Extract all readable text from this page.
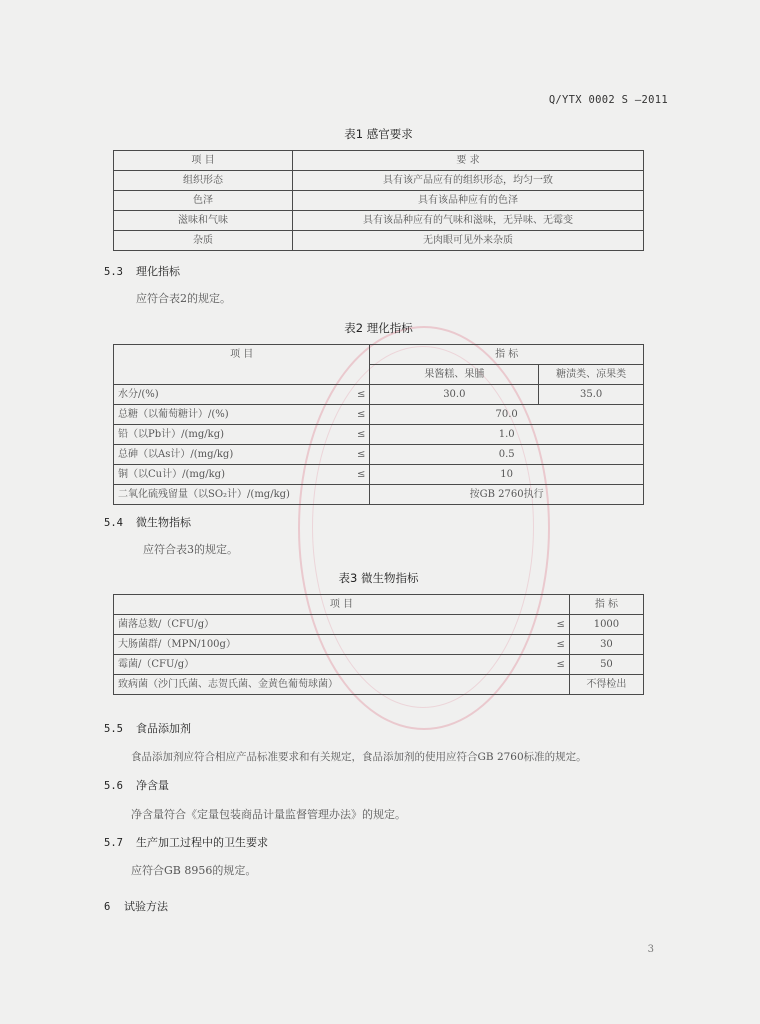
Q/YTX 0002 S —2011
表1 感官要求
项 目	要 求
组织形态	具有该产品应有的组织形态，均匀一致
色泽	具有该品种应有的色泽
滋味和气味	具有该品种应有的气味和滋味，无异味、无霉变
杂质	无肉眼可见外来杂质
5.3 理化指标
应符合表2的规定。
表2 理化指标
项 目		指 标	
		果酱糕、果脯	糖渍类、凉果类
水分/(%)	≤	30.0	35.0
总糖（以葡萄糖计）/(%)	≤	70.0	
铅（以Pb计）/(mg/kg)	≤	1.0	
总砷（以As计）/(mg/kg)	≤	0.5	
铜（以Cu计）/(mg/kg)	≤	10	
二氧化硫残留量（以SO₂计）/(mg/kg)		按GB 2760执行	
5.4 微生物指标
应符合表3的规定。
表3 微生物指标
项 目		指 标
菌落总数/（CFU/g）	≤	1000
大肠菌群/（MPN/100g）	≤	30
霉菌/（CFU/g）	≤	50
致病菌（沙门氏菌、志贺氏菌、金黄色葡萄球菌）		不得检出
5.5 食品添加剂
食品添加剂应符合相应产品标准要求和有关规定，食品添加剂的使用应符合GB 2760标准的规定。
5.6 净含量
净含量符合《定量包装商品计量监督管理办法》的规定。
5.7 生产加工过程中的卫生要求
应符合GB 8956的规定。
6 试验方法
3
